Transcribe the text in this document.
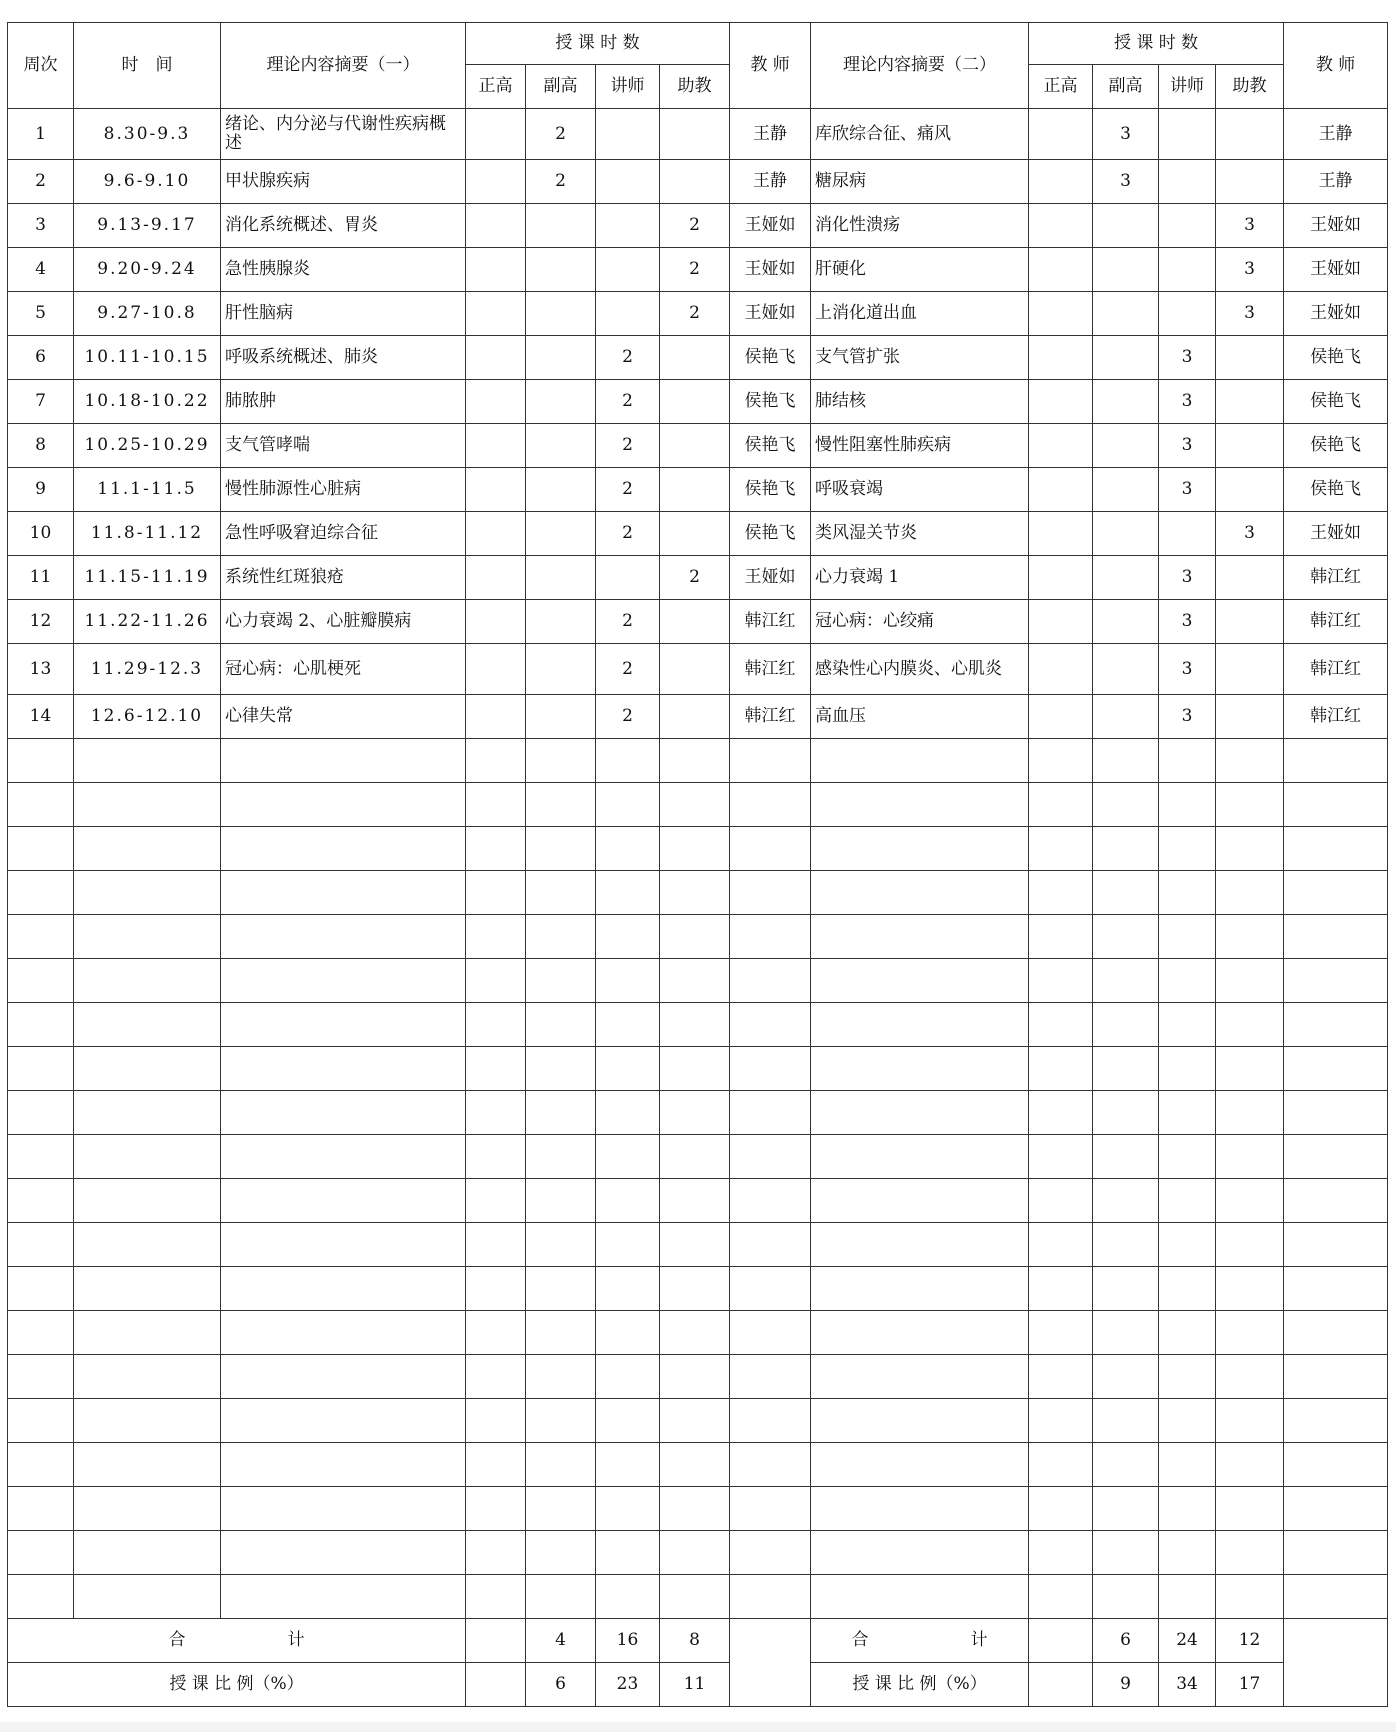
周次	时　间	理论内容摘要（一）	授 课 时 数				教 师	理论内容摘要（二）	授 课 时 数				教 师
			正高	副高	讲师	助教			正高	副高	讲师	助教	
1	8.30-9.3	绪论、内分泌与代谢性疾病概述		2			王静	库欣综合征、痛风		3			王静
2	9.6-9.10	甲状腺疾病		2			王静	糖尿病		3			王静
3	9.13-9.17	消化系统概述、胃炎				2	王娅如	消化性溃疡				3	王娅如
4	9.20-9.24	急性胰腺炎				2	王娅如	肝硬化				3	王娅如
5	9.27-10.8	肝性脑病				2	王娅如	上消化道出血				3	王娅如
6	10.11-10.15	呼吸系统概述、肺炎			2		侯艳飞	支气管扩张			3		侯艳飞
7	10.18-10.22	肺脓肿			2		侯艳飞	肺结核			3		侯艳飞
8	10.25-10.29	支气管哮喘			2		侯艳飞	慢性阻塞性肺疾病			3		侯艳飞
9	11.1-11.5	慢性肺源性心脏病			2		侯艳飞	呼吸衰竭			3		侯艳飞
10	11.8-11.12	急性呼吸窘迫综合征			2		侯艳飞	类风湿关节炎				3	王娅如
11	11.15-11.19	系统性红斑狼疮				2	王娅如	心力衰竭 1			3		韩江红
12	11.22-11.26	心力衰竭 2、心脏瓣膜病			2		韩江红	冠心病：心绞痛			3		韩江红
13	11.29-12.3	冠心病：心肌梗死			2		韩江红	感染性心内膜炎、心肌炎			3		韩江红
14	12.6-12.10	心律失常			2		韩江红	高血压			3		韩江红

合　　　　　　计				4	16	8		合　　　　　　计		6	24	12	
授 课 比 例（%）				6	23	11		授 课 比 例（%）		9	34	17	
